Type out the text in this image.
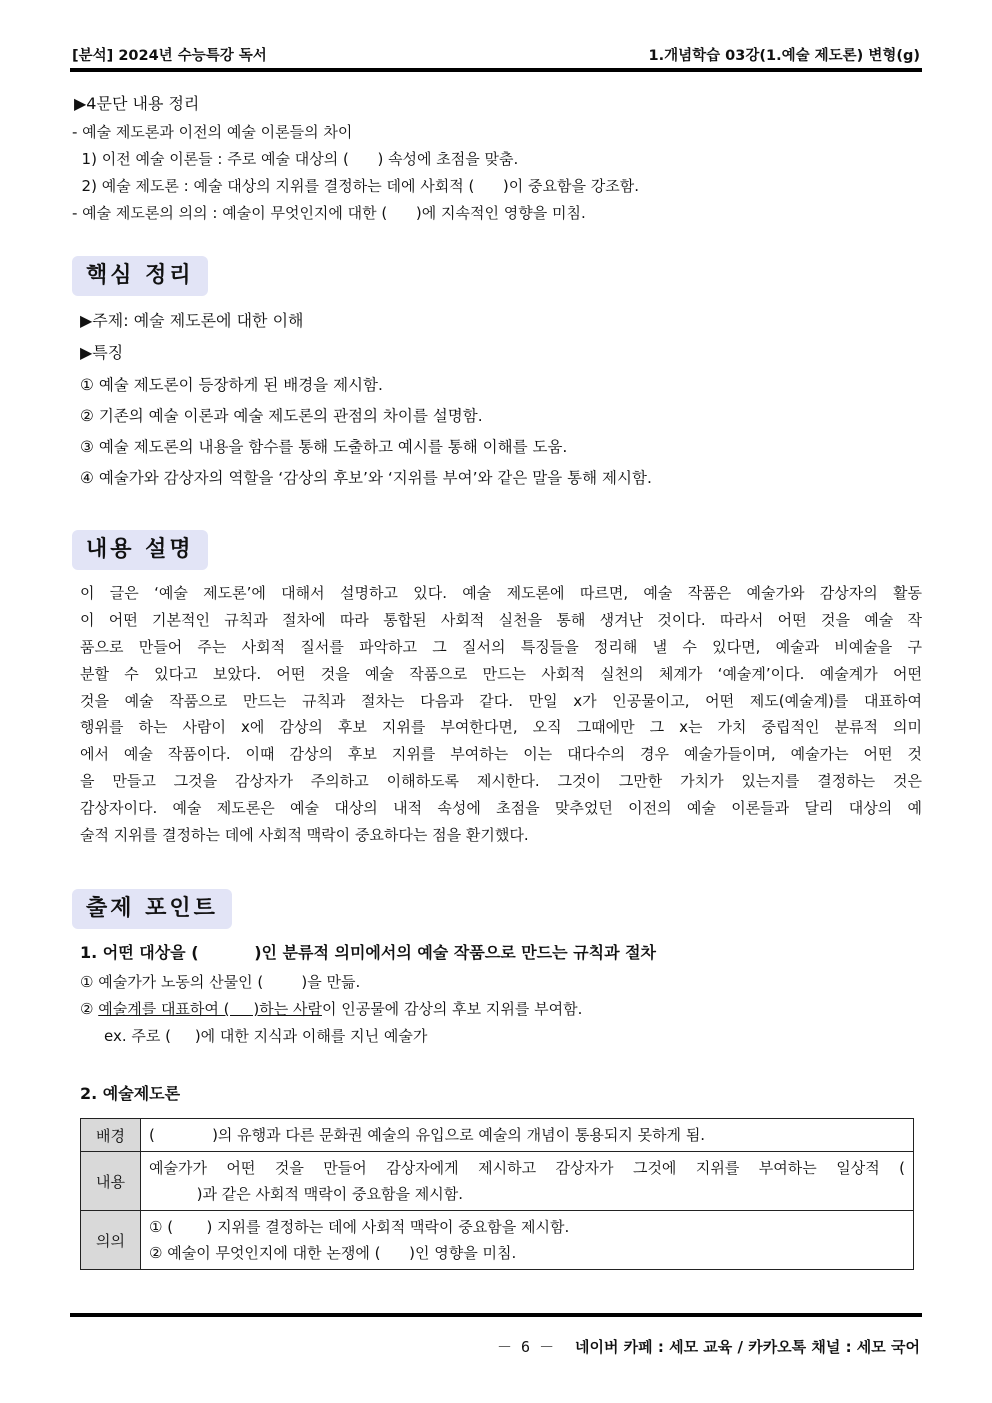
[분석] 2024년 수능특강 독서	1.개념학습 03강(1.예술 제도론) 변형(g)
▶4문단 내용 정리
- 예술 제도론과 이전의 예술 이론들의 차이
1) 이전 예술 이론들 : 주로 예술 대상의 (      ) 속성에 초점을 맞춤.
2) 예술 제도론 : 예술 대상의 지위를 결정하는 데에 사회적 (      )이 중요함을 강조함.
- 예술 제도론의 의의 : 예술이 무엇인지에 대한 (      )에 지속적인 영향을 미침.
핵심 정리
▶주제: 예술 제도론에 대한 이해
▶특징
① 예술 제도론이 등장하게 된 배경을 제시함.
② 기존의 예술 이론과 예술 제도론의 관점의 차이를 설명함.
③ 예술 제도론의 내용을 함수를 통해 도출하고 예시를 통해 이해를 도움.
④ 예술가와 감상자의 역할을 ‘감상의 후보’와 ‘지위를 부여’와 같은 말을 통해 제시함.
내용 설명
이 글은 ‘예술 제도론’에 대해서 설명하고 있다. 예술 제도론에 따르면, 예술 작품은 예술가와 감상자의 활동
이 어떤 기본적인 규칙과 절차에 따라 통합된 사회적 실천을 통해 생겨난 것이다. 따라서 어떤 것을 예술 작
품으로 만들어 주는 사회적 질서를 파악하고 그 질서의 특징들을 정리해 낼 수 있다면, 예술과 비예술을 구
분할 수 있다고 보았다. 어떤 것을 예술 작품으로 만드는 사회적 실천의 체계가 ‘예술계’이다. 예술계가 어떤
것을 예술 작품으로 만드는 규칙과 절차는 다음과 같다. 만일 x가 인공물이고, 어떤 제도(예술계)를 대표하여
행위를 하는 사람이 x에 감상의 후보 지위를 부여한다면, 오직 그때에만 그 x는 가치 중립적인 분류적 의미
에서 예술 작품이다. 이때 감상의 후보 지위를 부여하는 이는 대다수의 경우 예술가들이며, 예술가는 어떤 것
을 만들고 그것을 감상자가 주의하고 이해하도록 제시한다. 그것이 그만한 가치가 있는지를 결정하는 것은
감상자이다. 예술 제도론은 예술 대상의 내적 속성에 초점을 맞추었던 이전의 예술 이론들과 달리 대상의 예
술적 지위를 결정하는 데에 사회적 맥락이 중요하다는 점을 환기했다.
출제 포인트
1. 어떤 대상을 (          )인 분류적 의미에서의 예술 작품으로 만드는 규칙과 절차
① 예술가가 노동의 산물인 (        )을 만듦.
② 예술계를 대표하여 (     )하는 사람이 인공물에 감상의 후보 지위를 부여함.
ex. 주로 (     )에 대한 지식과 이해를 지닌 예술가
2. 예술제도론
배경	(            )의 유행과 다른 문화권 예술의 유입으로 예술의 개념이 통용되지 못하게 됨.

내용	예술가가 어떤 것을 만들어 감상자에게 제시하고 감상자가 그것에 지위를 부여하는 일상적 (
)과 같은 사회적 맥락이 중요함을 제시함.

의의	① (       ) 지위를 결정하는 데에 사회적 맥락이 중요함을 제시함.
② 예술이 무엇인지에 대한 논쟁에 (      )인 영향을 미침.
－ 6 － 네이버 카페 : 세모 교육 / 카카오톡 채널 : 세모 국어
